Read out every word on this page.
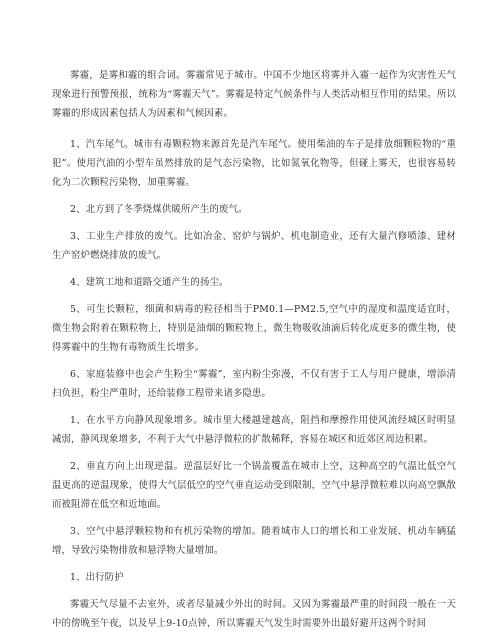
雾霾，是雾和霾的组合词。雾霾常见于城市。中国不少地区将雾并入霾一起作为灾害性天气现象进行预警预报，统称为“雾霾天气”。雾霾是特定气候条件与人类活动相互作用的结果。所以雾霾的形成因素包括人为因素和气候因素。

1、汽车尾气。城市有毒颗粒物来源首先是汽车尾气。使用柴油的车子是排放细颗粒物的“重犯”。使用汽油的小型车虽然排放的是气态污染物，比如氮氧化物等，但碰上雾天，也很容易转化为二次颗粒污染物，加重雾霾。

2、北方到了冬季烧煤供暖所产生的废气。

3、工业生产排放的废气。比如冶金、窑炉与锅炉、机电制造业，还有大量汽修喷漆、建材生产窑炉燃烧排放的废气。

4、建筑工地和道路交通产生的扬尘。

5、可生长颗粒，细菌和病毒的粒径相当于PM0.1—PM2.5,空气中的湿度和温度适宜时，微生物会附着在颗粒物上，特别是油烟的颗粒物上，微生物吸收油滴后转化成更多的微生物，使得雾霾中的生物有毒物质生长增多。

6、家庭装修中也会产生粉尘“雾霾”，室内粉尘弥漫，不仅有害于工人与用户健康，增添清扫负担，粉尘严重时，还给装修工程带来诸多隐患。

1、在水平方向静风现象增多。城市里大楼越建越高，阻挡和摩擦作用使风流经城区时明显减弱，静风现象增多，不利于大气中悬浮微粒的扩散稀释，容易在城区和近郊区周边积累。

2、垂直方向上出现逆温。逆温层好比一个锅盖覆盖在城市上空，这种高空的气温比低空气温更高的逆温现象，使得大气层低空的空气垂直运动受到限制，空气中悬浮微粒难以向高空飘散而被阻滞在低空和近地面。

3、空气中悬浮颗粒物和有机污染物的增加。随着城市人口的增长和工业发展、机动车辆猛增，导致污染物排放和悬浮物大量增加。

1、出行防护

雾霾天气尽量不去室外，或者尽量减少外出的时间。又因为雾霾最严重的时间段一般在一天中的傍晚至午夜，以及早上9-10点钟，所以雾霾天气发生时需要外出最好避开这两个时间
